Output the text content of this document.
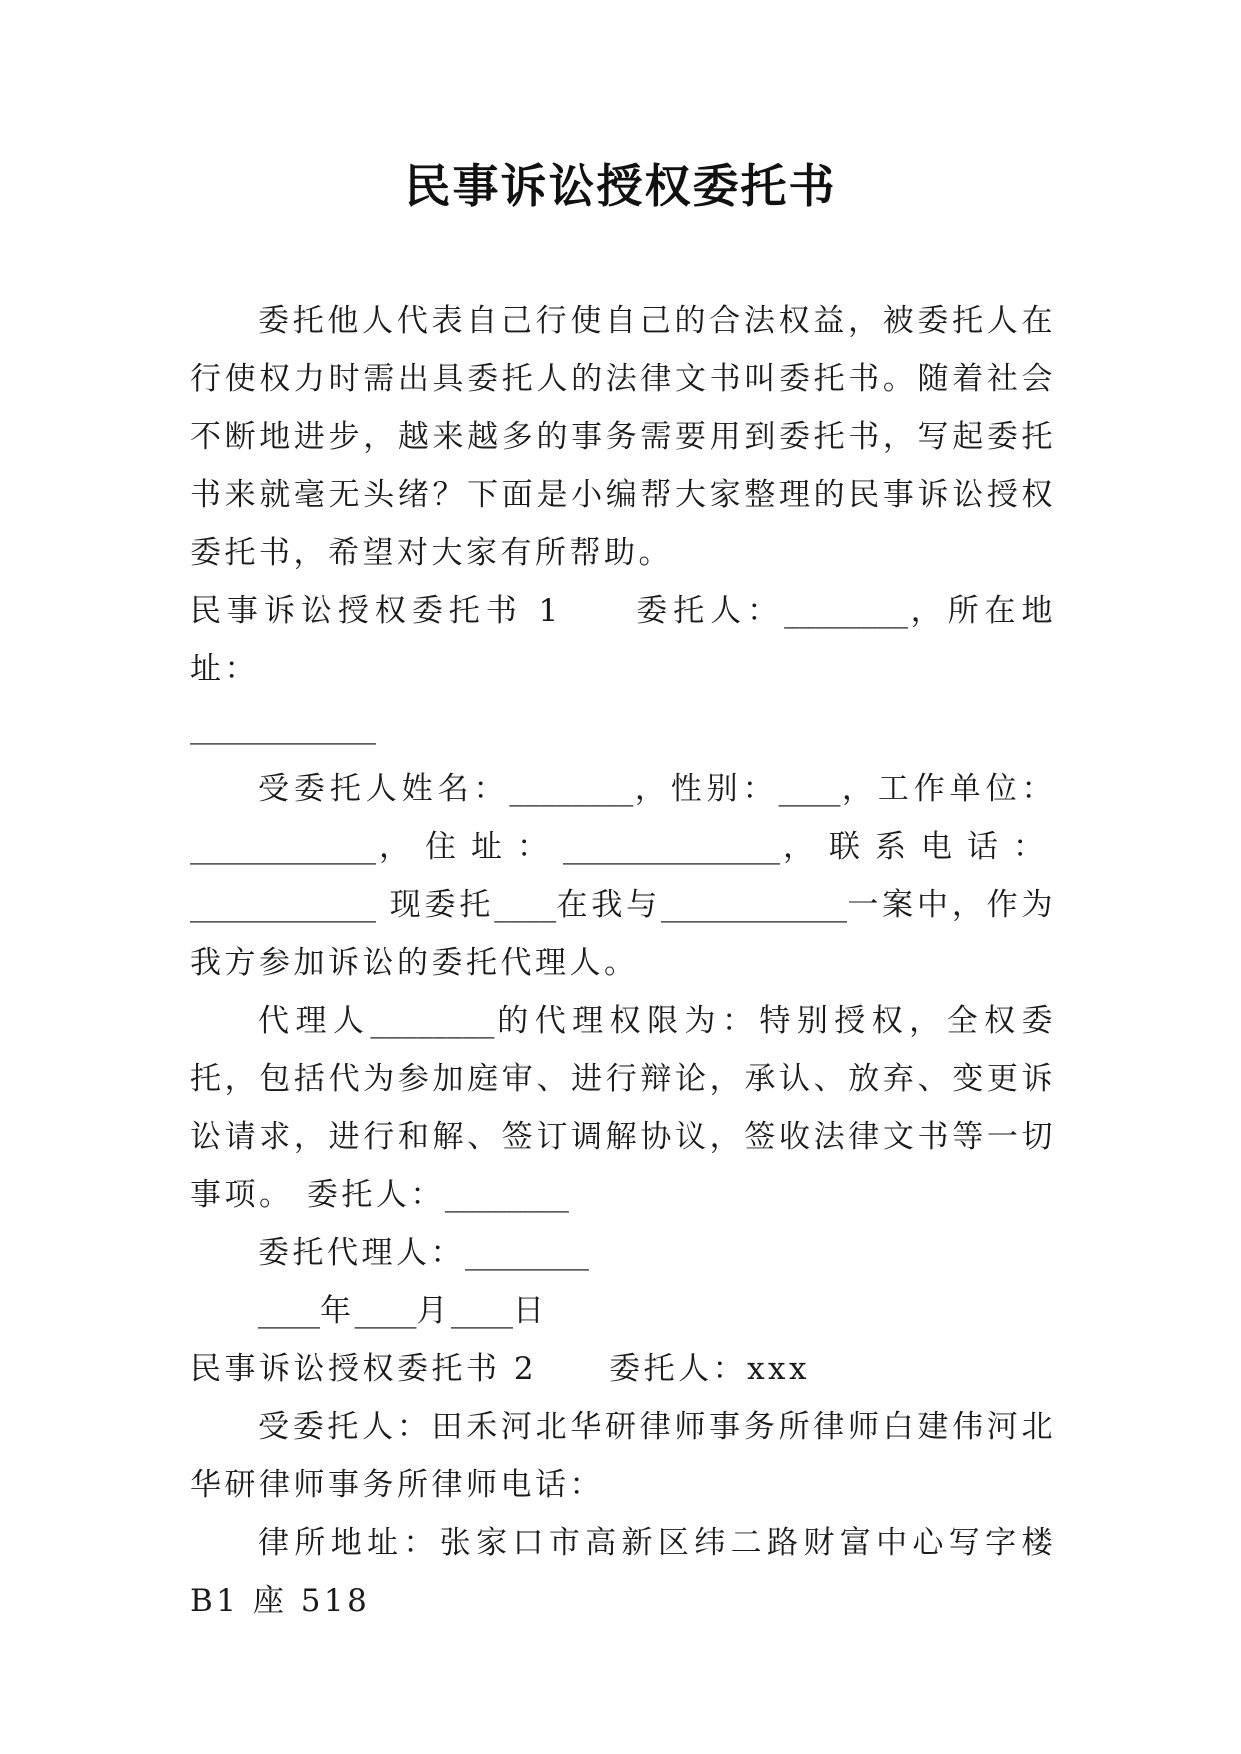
民事诉讼授权委托书

委托他人代表自己行使自己的合法权益，被委托人在行使权力时需出具委托人的法律文书叫委托书。随着社会不断地进步，越来越多的事务需要用到委托书，写起委托书来就毫无头绪？下面是小编帮大家整理的民事诉讼授权委托书，希望对大家有所帮助。

民事诉讼授权委托书 1 委托人：________，所在地址：

____________

受委托人姓名：________，性别：____，工作单位：____________，住址：______________，联系电话：____________ 现委托____在我与____________一案中，作为我方参加诉讼的委托代理人。

代理人________的代理权限为：特别授权，全权委托，包括代为参加庭审、进行辩论，承认、放弃、变更诉讼请求，进行和解、签订调解协议，签收法律文书等一切事项。 委托人：________

委托代理人：________

____年____月____日

民事诉讼授权委托书 2 委托人：xxx

受委托人：田禾河北华研律师事务所律师白建伟河北华研律师事务所律师电话：

律所地址：张家口市高新区纬二路财富中心写字楼 B1 座 518
